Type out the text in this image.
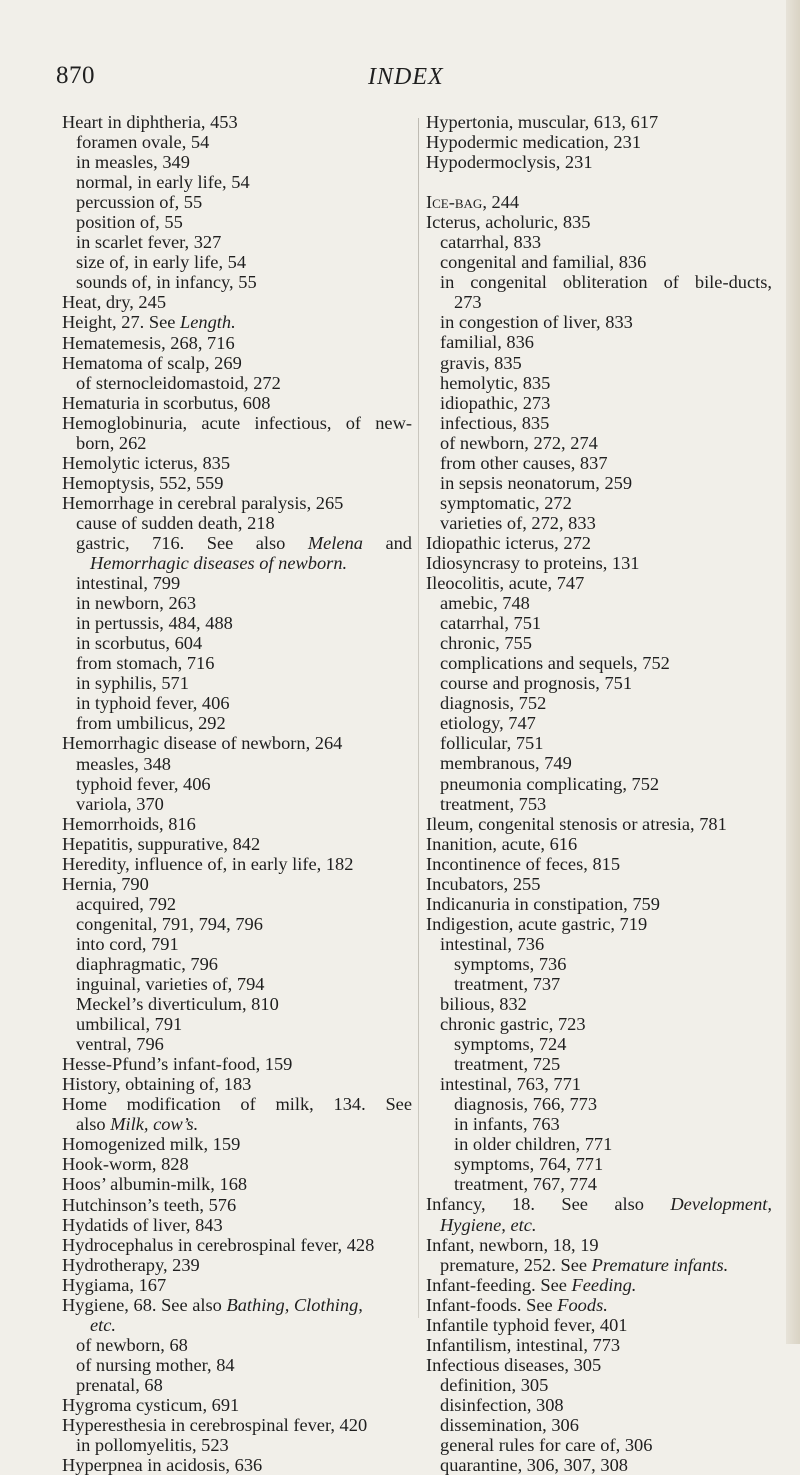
870	INDEX
Heart in diphtheria, 453
foramen ovale, 54
in measles, 349
normal, in early life, 54
percussion of, 55
position of, 55
in scarlet fever, 327
size of, in early life, 54
sounds of, in infancy, 55
Heat, dry, 245
Height, 27. See Length.
Hematemesis, 268, 716
Hematoma of scalp, 269
of sternocleidomastoid, 272
Hematuria in scorbutus, 608
Hemoglobinuria, acute infectious, of new-
born, 262
Hemolytic icterus, 835
Hemoptysis, 552, 559
Hemorrhage in cerebral paralysis, 265
cause of sudden death, 218
gastric, 716. See also Melena and
Hemorrhagic diseases of newborn.
intestinal, 799
in newborn, 263
in pertussis, 484, 488
in scorbutus, 604
from stomach, 716
in syphilis, 571
in typhoid fever, 406
from umbilicus, 292
Hemorrhagic disease of newborn, 264
measles, 348
typhoid fever, 406
variola, 370
Hemorrhoids, 816
Hepatitis, suppurative, 842
Heredity, influence of, in early life, 182
Hernia, 790
acquired, 792
congenital, 791, 794, 796
into cord, 791
diaphragmatic, 796
inguinal, varieties of, 794
Meckel’s diverticulum, 810
umbilical, 791
ventral, 796
Hesse-Pfund’s infant-food, 159
History, obtaining of, 183
Home modification of milk, 134. See
also Milk, cow’s.
Homogenized milk, 159
Hook-worm, 828
Hoos’ albumin-milk, 168
Hutchinson’s teeth, 576
Hydatids of liver, 843
Hydrocephalus in cerebrospinal fever, 428
Hydrotherapy, 239
Hygiama, 167
Hygiene, 68. See also Bathing, Clothing,
etc.
of newborn, 68
of nursing mother, 84
prenatal, 68
Hygroma cysticum, 691
Hyperesthesia in cerebrospinal fever, 420
in pollomyelitis, 523
Hyperpnea in acidosis, 636
Hypertonia, muscular, 613, 617
Hypodermic medication, 231
Hypodermoclysis, 231
Ice-bag, 244
Icterus, acholuric, 835
catarrhal, 833
congenital and familial, 836
in congenital obliteration of bile-ducts,
273
in congestion of liver, 833
familial, 836
gravis, 835
hemolytic, 835
idiopathic, 273
infectious, 835
of newborn, 272, 274
from other causes, 837
in sepsis neonatorum, 259
symptomatic, 272
varieties of, 272, 833
Idiopathic icterus, 272
Idiosyncrasy to proteins, 131
Ileocolitis, acute, 747
amebic, 748
catarrhal, 751
chronic, 755
complications and sequels, 752
course and prognosis, 751
diagnosis, 752
etiology, 747
follicular, 751
membranous, 749
pneumonia complicating, 752
treatment, 753
Ileum, congenital stenosis or atresia, 781
Inanition, acute, 616
Incontinence of feces, 815
Incubators, 255
Indicanuria in constipation, 759
Indigestion, acute gastric, 719
intestinal, 736
symptoms, 736
treatment, 737
bilious, 832
chronic gastric, 723
symptoms, 724
treatment, 725
intestinal, 763, 771
diagnosis, 766, 773
in infants, 763
in older children, 771
symptoms, 764, 771
treatment, 767, 774
Infancy, 18. See also Development,
Hygiene, etc.
Infant, newborn, 18, 19
premature, 252. See Premature infants.
Infant-feeding. See Feeding.
Infant-foods. See Foods.
Infantile typhoid fever, 401
Infantilism, intestinal, 773
Infectious diseases, 305
definition, 305
disinfection, 308
dissemination, 306
general rules for care of, 306
quarantine, 306, 307, 308
